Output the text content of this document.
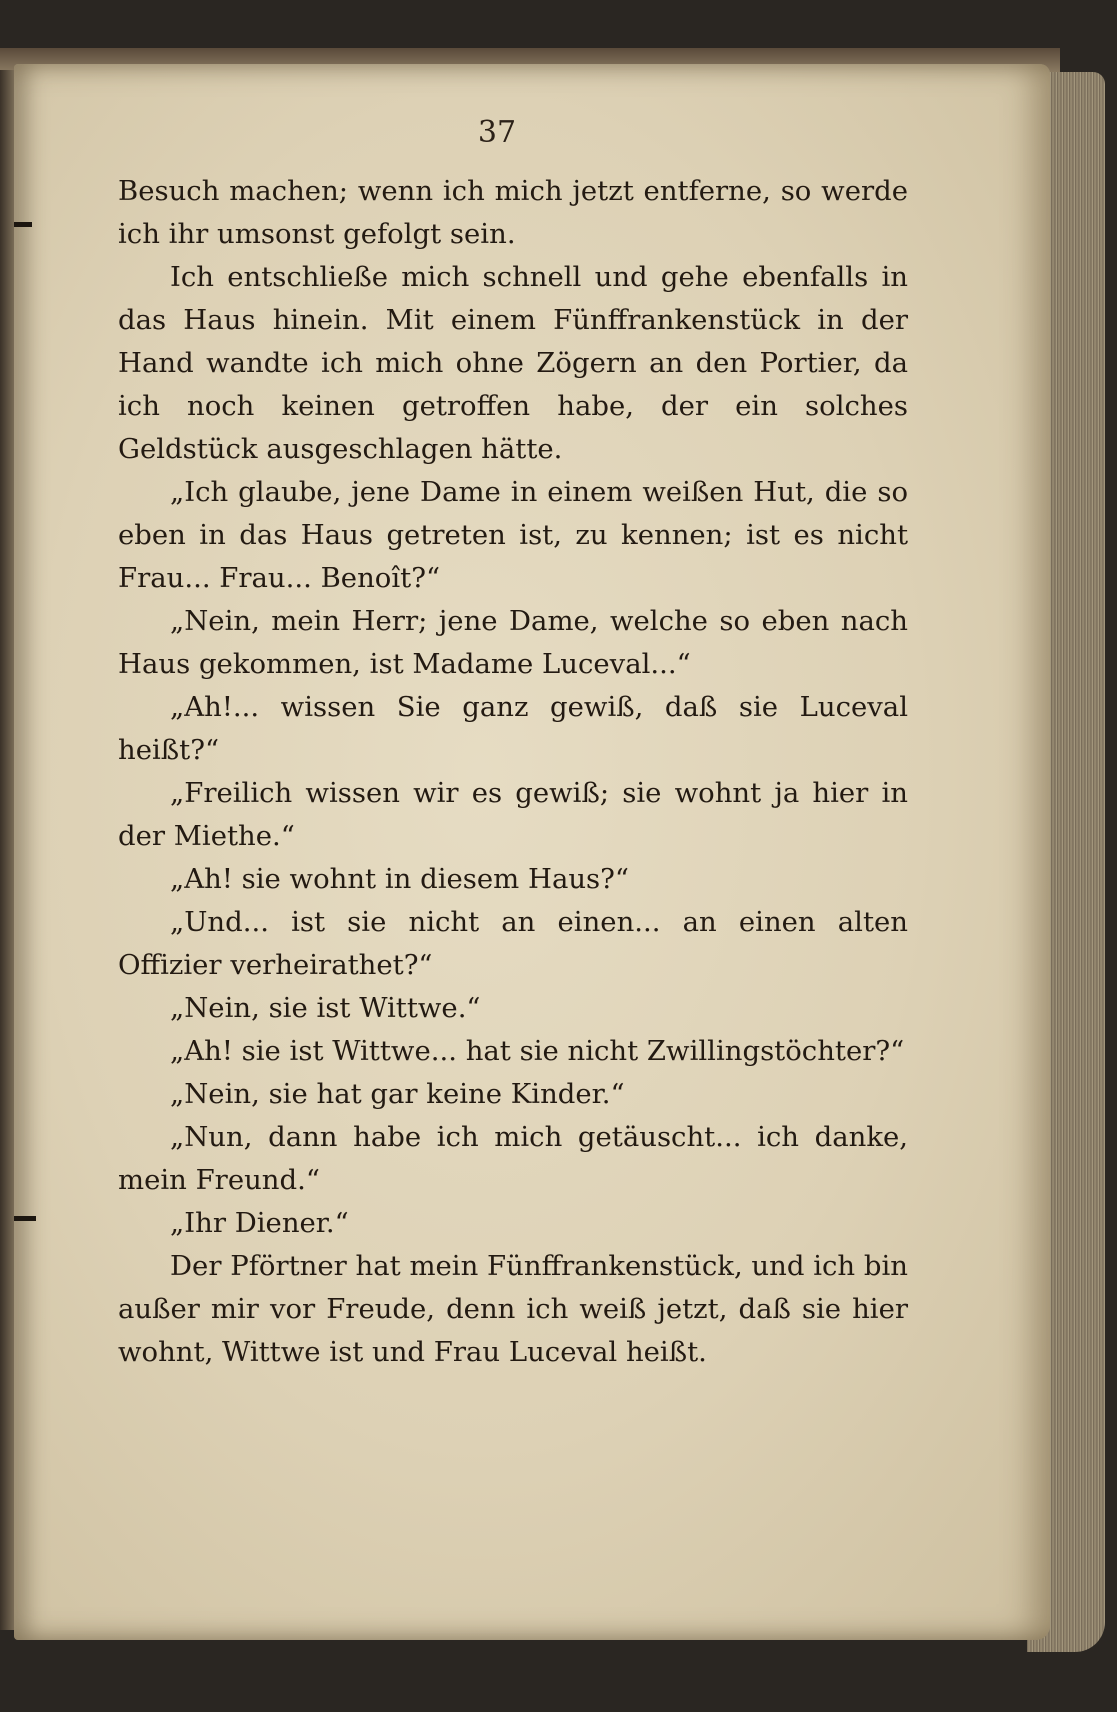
37

Besuch machen; wenn ich mich jetzt entferne, so werde ich ihr umsonst gefolgt sein.

Ich entschließe mich schnell und gehe ebenfalls in das Haus hinein. Mit einem Fünffrankenstück in der Hand wandte ich mich ohne Zögern an den Portier, da ich noch keinen getroffen habe, der ein solches Geldstück ausgeschlagen hätte.

„Ich glaube, jene Dame in einem weißen Hut, die so eben in das Haus getreten ist, zu kennen; ist es nicht Frau... Frau... Benoît?“

„Nein, mein Herr; jene Dame, welche so eben nach Haus gekommen, ist Madame Luceval...“

„Ah!... wissen Sie ganz gewiß, daß sie Luceval heißt?“

„Freilich wissen wir es gewiß; sie wohnt ja hier in der Miethe.“

„Ah! sie wohnt in diesem Haus?“

„Und... ist sie nicht an einen... an einen alten Offizier verheirathet?“

„Nein, sie ist Wittwe.“

„Ah! sie ist Wittwe... hat sie nicht Zwillingstöchter?“

„Nein, sie hat gar keine Kinder.“

„Nun, dann habe ich mich getäuscht... ich danke, mein Freund.“

„Ihr Diener.“

Der Pförtner hat mein Fünffrankenstück, und ich bin außer mir vor Freude, denn ich weiß jetzt, daß sie hier wohnt, Wittwe ist und Frau Luceval heißt.
